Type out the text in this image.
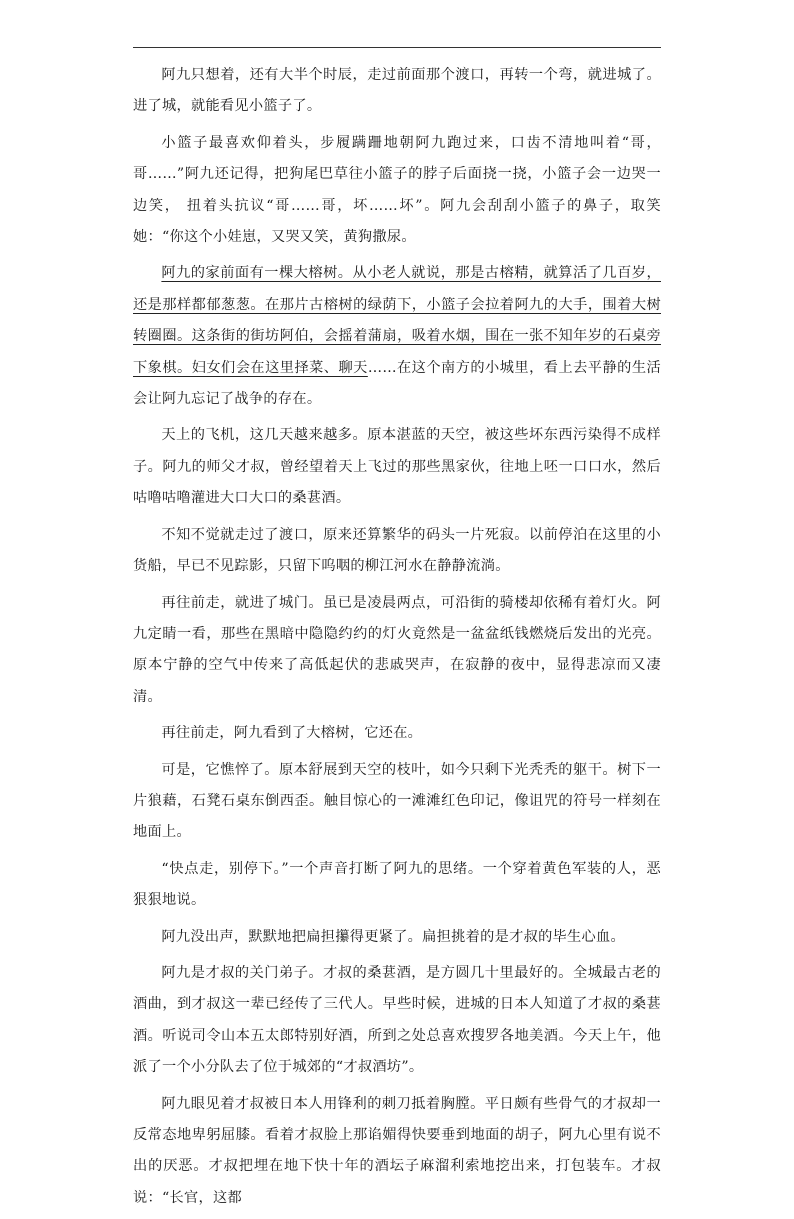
阿九只想着，还有大半个时辰，走过前面那个渡口，再转一个弯，就进城了。进了城，就能看见小篮子了。

小篮子最喜欢仰着头，步履蹒跚地朝阿九跑过来，口齿不清地叫着“哥，哥……”阿九还记得，把狗尾巴草往小篮子的脖子后面挠一挠，小篮子会一边哭一边笑， 扭着头抗议“哥……哥，坏……坏”。阿九会刮刮小篮子的鼻子，取笑她：“你这个小娃崽，又哭又笑，黄狗撒尿。

阿九的家前面有一棵大榕树。从小老人就说，那是古榕精，就算活了几百岁，还是那样都郁葱葱。在那片古榕树的绿荫下，小篮子会拉着阿九的大手，围着大树转圈圈。这条街的街坊阿伯，会摇着蒲扇，吸着水烟，围在一张不知年岁的石桌旁下象棋。妇女们会在这里择菜、聊天……在这个南方的小城里，看上去平静的生活会让阿九忘记了战争的存在。

天上的飞机，这几天越来越多。原本湛蓝的天空，被这些坏东西污染得不成样子。阿九的师父才叔，曾经望着天上飞过的那些黑家伙，往地上呸一口口水，然后咕噜咕噜灌进大口大口的桑葚酒。

不知不觉就走过了渡口，原来还算繁华的码头一片死寂。以前停泊在这里的小货船，早已不见踪影，只留下呜咽的柳江河水在静静流淌。

再往前走，就进了城门。虽已是凌晨两点，可沿街的骑楼却依稀有着灯火。阿九定睛一看，那些在黑暗中隐隐约约的灯火竟然是一盆盆纸钱燃烧后发出的光亮。原本宁静的空气中传来了高低起伏的悲戚哭声，在寂静的夜中，显得悲凉而又凄清。

再往前走，阿九看到了大榕树，它还在。

可是，它憔悴了。原本舒展到天空的枝叶，如今只剩下光秃秃的躯干。树下一片狼藉，石凳石桌东倒西歪。触目惊心的一滩滩红色印记，像诅咒的符号一样刻在地面上。

“快点走，别停下。”一个声音打断了阿九的思绪。一个穿着黄色军装的人，恶狠狠地说。

阿九没出声，默默地把扁担攥得更紧了。扁担挑着的是才叔的毕生心血。

阿九是才叔的关门弟子。才叔的桑葚酒，是方圆几十里最好的。全城最古老的酒曲，到才叔这一辈已经传了三代人。早些时候，进城的日本人知道了才叔的桑葚酒。听说司令山本五太郎特别好酒，所到之处总喜欢搜罗各地美酒。今天上午，他派了一个小分队去了位于城郊的“才叔酒坊”。

阿九眼见着才叔被日本人用锋利的刺刀抵着胸膛。平日颇有些骨气的才叔却一反常态地卑躬屈膝。看着才叔脸上那谄媚得快要垂到地面的胡子，阿九心里有说不出的厌恶。才叔把埋在地下快十年的酒坛子麻溜利索地挖出来，打包装车。才叔说：“长官，这都
